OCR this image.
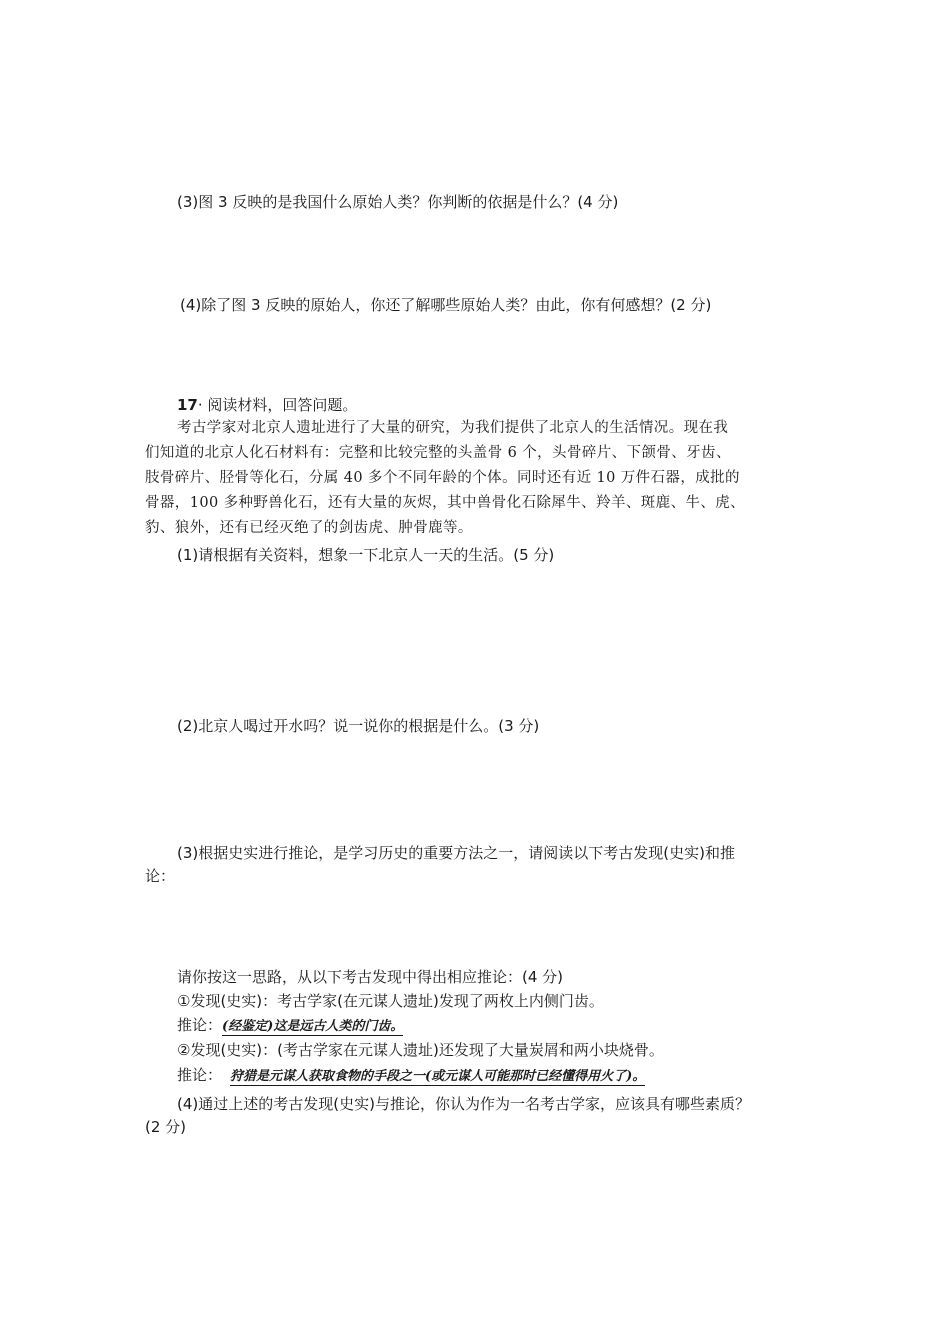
(3)图 3 反映的是我国什么原始人类？你判断的依据是什么？(4 分)
(4)除了图 3 反映的原始人，你还了解哪些原始人类？由此，你有何感想？(2 分)
17· 阅读材料，回答问题。
考古学家对北京人遗址进行了大量的研究，为我们提供了北京人的生活情况。现在我
们知道的北京人化石材料有：完整和比较完整的头盖骨 6 个，头骨碎片、下颌骨、牙齿、
肢骨碎片、胫骨等化石，分属 40 多个不同年龄的个体。同时还有近 10 万件石器，成批的
骨器，100 多种野兽化石，还有大量的灰烬，其中兽骨化石除犀牛、羚羊、斑鹿、牛、虎、
豹、狼外，还有已经灭绝了的剑齿虎、肿骨鹿等。
(1)请根据有关资料，想象一下北京人一天的生活。(5 分)
(2)北京人喝过开水吗？说一说你的根据是什么。(3 分)
(3)根据史实进行推论，是学习历史的重要方法之一，请阅读以下考古发现(史实)和推
论：
请你按这一思路，从以下考古发现中得出相应推论：(4 分)
①发现(史实)：考古学家(在元谋人遗址)发现了两枚上内侧门齿。
推论：(经鉴定)这是远古人类的门齿。
②发现(史实)：(考古学家在元谋人遗址)还发现了大量炭屑和两小块烧骨。
推论： 狩猎是元谋人获取食物的手段之一(或元谋人可能那时已经懂得用火了)。
(4)通过上述的考古发现(史实)与推论，你认为作为一名考古学家，应该具有哪些素质？
(2 分)
